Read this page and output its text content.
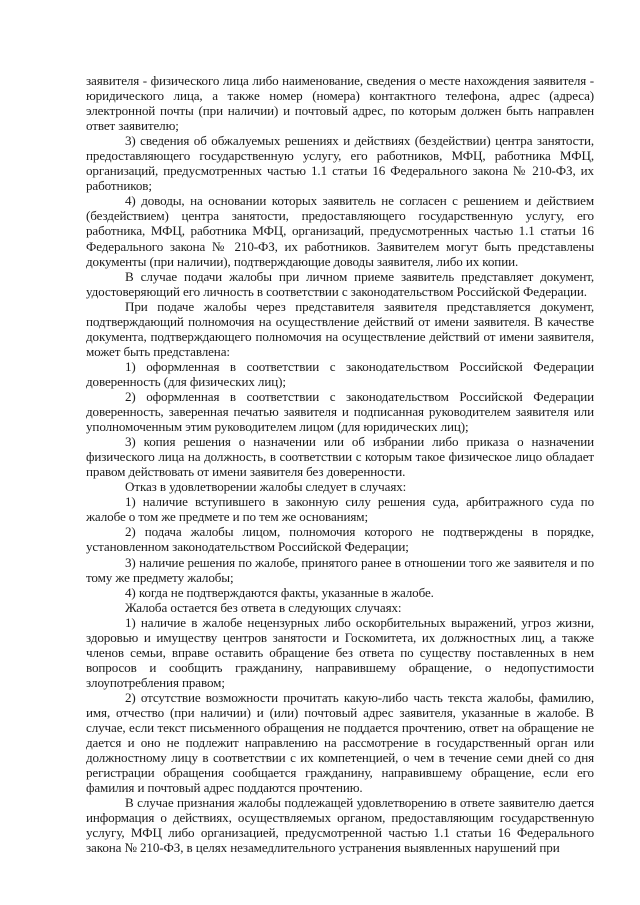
заявителя - физического лица либо наименование, сведения о месте нахождения заявителя - юридического лица, а также номер (номера) контактного телефона, адрес (адреса) электронной почты (при наличии) и почтовый адрес, по которым должен быть направлен ответ заявителю;

3) сведения об обжалуемых решениях и действиях (бездействии) центра занятости, предоставляющего государственную услугу, его работников, МФЦ, работника МФЦ, организаций, предусмотренных частью 1.1 статьи 16 Федерального закона № 210-ФЗ, их работников;

4) доводы, на основании которых заявитель не согласен с решением и действием (бездействием) центра занятости, предоставляющего государственную услугу, его работника, МФЦ, работника МФЦ, организаций, предусмотренных частью 1.1 статьи 16 Федерального закона № 210-ФЗ, их работников. Заявителем могут быть представлены документы (при наличии), подтверждающие доводы заявителя, либо их копии.

В случае подачи жалобы при личном приеме заявитель представляет документ, удостоверяющий его личность в соответствии с законодательством Российской Федерации.

При подаче жалобы через представителя заявителя представляется документ, подтверждающий полномочия на осуществление действий от имени заявителя. В качестве документа, подтверждающего полномочия на осуществление действий от имени заявителя, может быть представлена:

1) оформленная в соответствии с законодательством Российской Федерации доверенность (для физических лиц);

2) оформленная в соответствии с законодательством Российской Федерации доверенность, заверенная печатью заявителя и подписанная руководителем заявителя или уполномоченным этим руководителем лицом (для юридических лиц);

3) копия решения о назначении или об избрании либо приказа о назначении физического лица на должность, в соответствии с которым такое физическое лицо обладает правом действовать от имени заявителя без доверенности.

Отказ в удовлетворении жалобы следует в случаях:

1) наличие вступившего в законную силу решения суда, арбитражного суда по жалобе о том же предмете и по тем же основаниям;

2) подача жалобы лицом, полномочия которого не подтверждены в порядке, установленном законодательством Российской Федерации;

3) наличие решения по жалобе, принятого ранее в отношении того же заявителя и по тому же предмету жалобы;

4) когда не подтверждаются факты, указанные в жалобе.

Жалоба остается без ответа в следующих случаях:

1) наличие в жалобе нецензурных либо оскорбительных выражений, угроз жизни, здоровью и имуществу центров занятости и Госкомитета, их должностных лиц, а также членов семьи, вправе оставить обращение без ответа по существу поставленных в нем вопросов и сообщить гражданину, направившему обращение, о недопустимости злоупотребления правом;

2) отсутствие возможности прочитать какую-либо часть текста жалобы, фамилию, имя, отчество (при наличии) и (или) почтовый адрес заявителя, указанные в жалобе. В случае, если текст письменного обращения не поддается прочтению, ответ на обращение не дается и оно не подлежит направлению на рассмотрение в государственный орган или должностному лицу в соответствии с их компетенцией, о чем в течение семи дней со дня регистрации обращения сообщается гражданину, направившему обращение, если его фамилия и почтовый адрес поддаются прочтению.

В случае признания жалобы подлежащей удовлетворению в ответе заявителю дается информация о действиях, осуществляемых органом, предоставляющим государственную услугу, МФЦ либо организацией, предусмотренной частью 1.1 статьи 16 Федерального закона № 210-ФЗ, в целях незамедлительного устранения выявленных нарушений при
